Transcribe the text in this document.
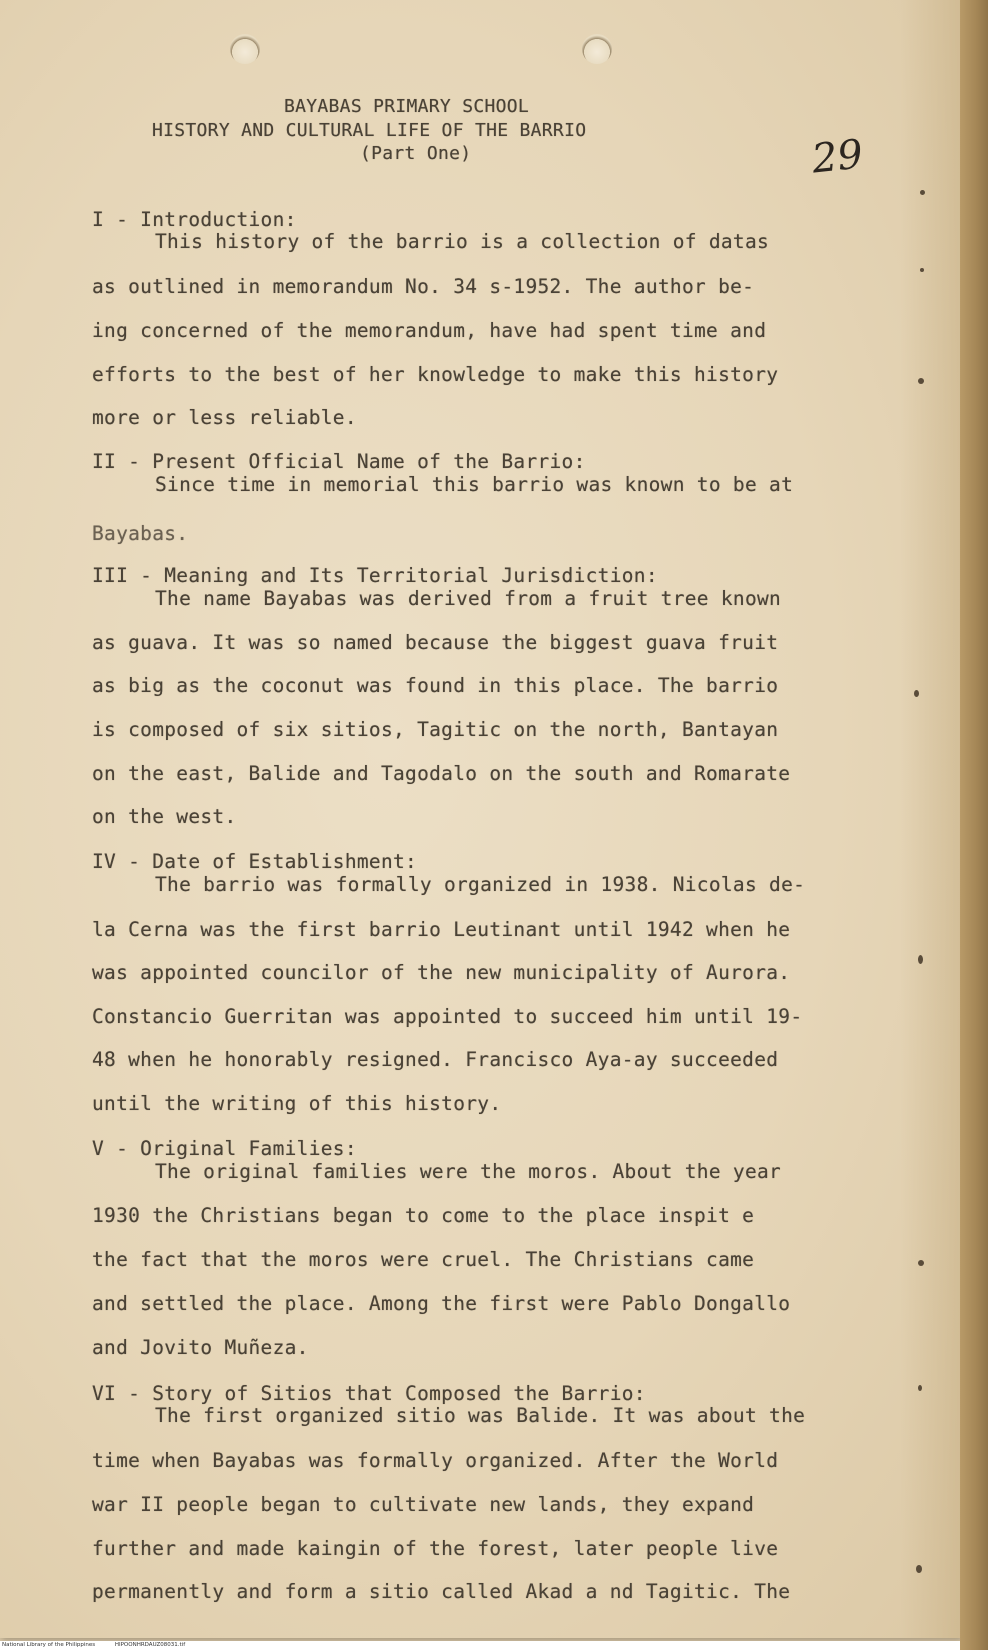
BAYABAS PRIMARY SCHOOL
HISTORY AND CULTURAL LIFE OF THE BARRIO
(Part One)	29
I - Introduction:
This history of the barrio is a collection of datas
as outlined in memorandum No. 34 s-1952. The author be-
ing concerned of the memorandum, have had spent time and
efforts to the best of her knowledge to make this history
more or less reliable.
II - Present Official Name of the Barrio:
Since time in memorial this barrio was known to be at
Bayabas.
III - Meaning and Its Territorial Jurisdiction:
The name Bayabas was derived from a fruit tree known
as guava. It was so named because the biggest guava fruit
as big as the coconut was found in this place. The barrio
is composed of six sitios, Tagitic on the north, Bantayan
on the east, Balide and Tagodalo on the south and Romarate
on the west.
IV - Date of Establishment:
The barrio was formally organized in 1938. Nicolas de-
la Cerna was the first barrio Leutinant until 1942 when he
was appointed councilor of the new municipality of Aurora.
Constancio Guerritan was appointed to succeed him until 19-
48 when he honorably resigned. Francisco Aya-ay succeeded
until the writing of this history.
V - Original Families:
The original families were the moros. About the year
1930 the Christians began to come to the place inspit e
the fact that the moros were cruel. The Christians came
and settled the place. Among the first were Pablo Dongallo
and Jovito Muñeza.
VI - Story of Sitios that Composed the Barrio:
The first organized sitio was Balide. It was about the
time when Bayabas was formally organized. After the World
war II people began to cultivate new lands, they expand
further and made kaingin of the forest, later people live
permanently and form a sitio called Akad a nd Tagitic. The
National Library of the Philippines	HIPOONHRDAUZ08031.tif
